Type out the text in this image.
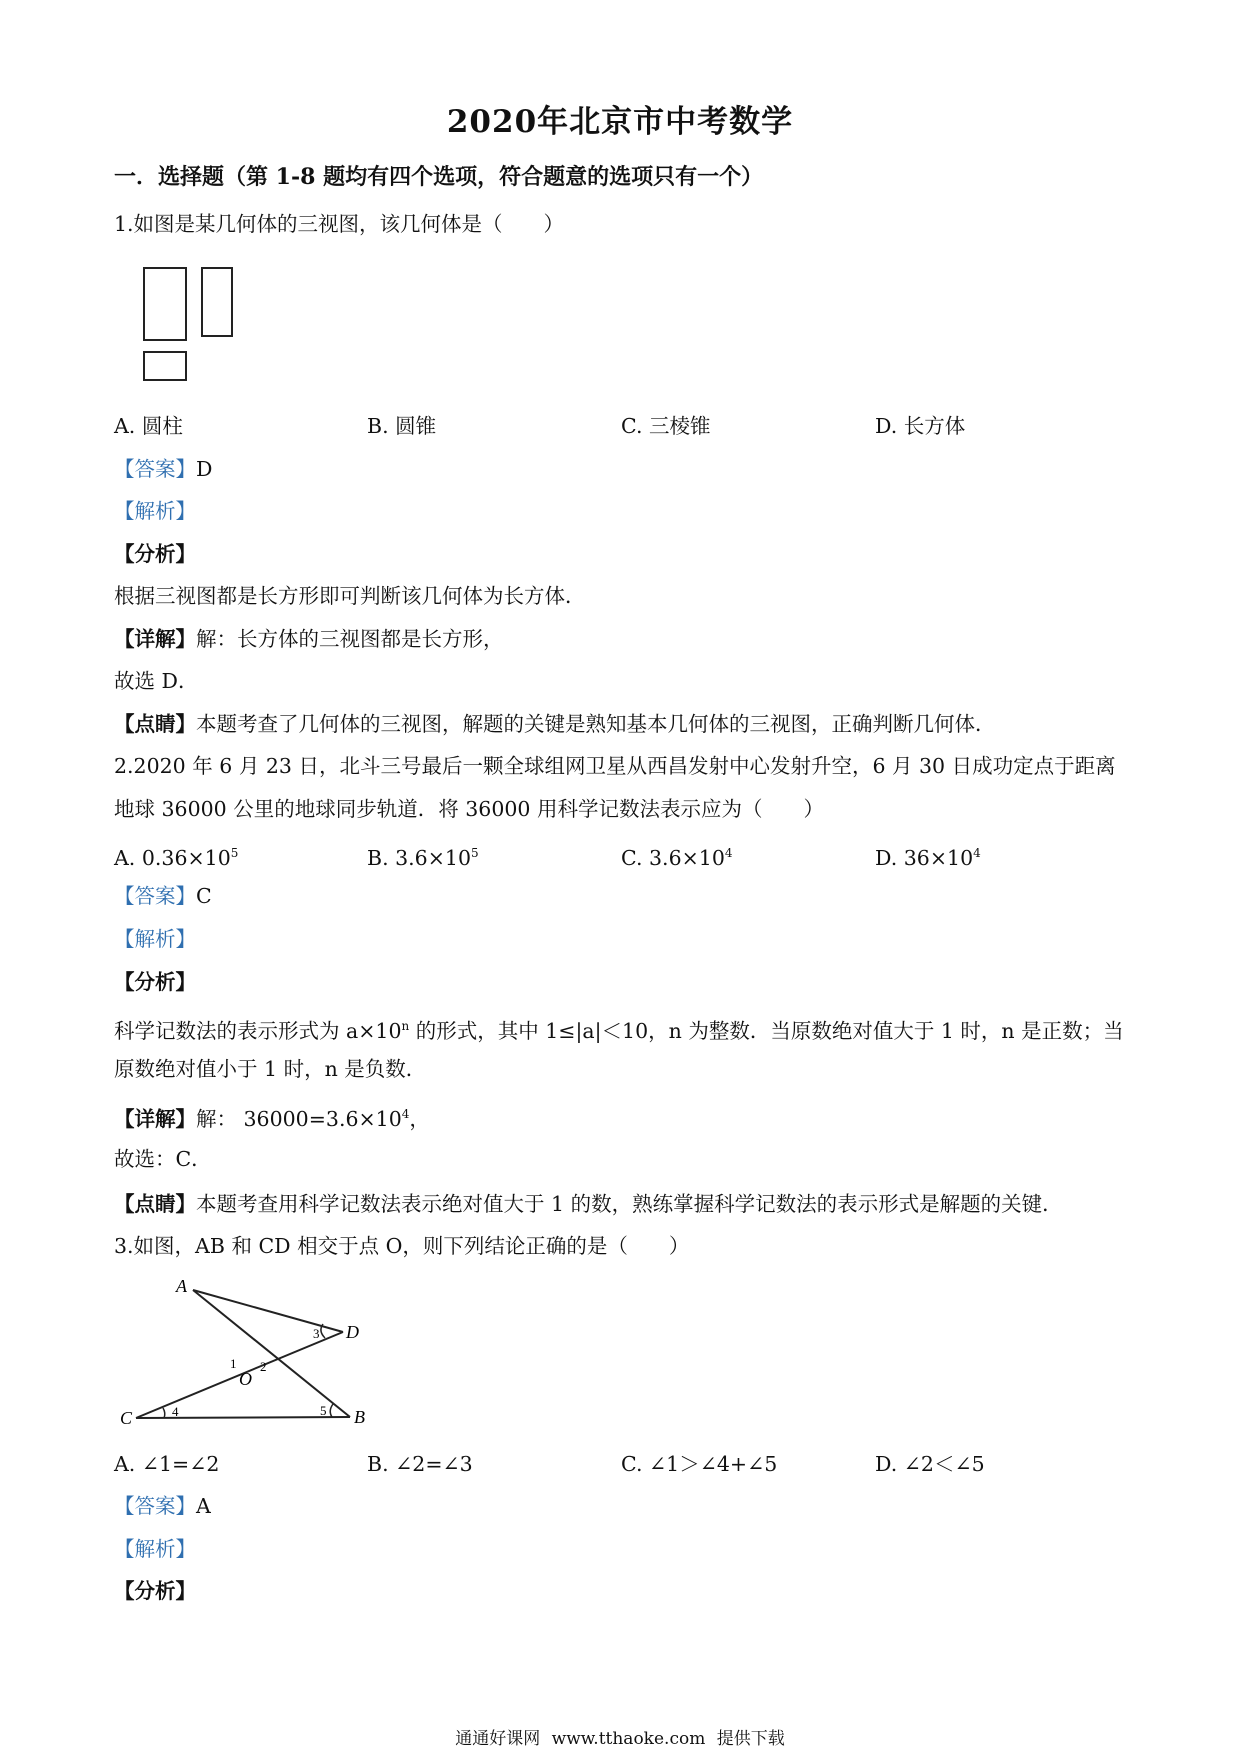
2020年北京市中考数学
一．选择题（第 1-8 题均有四个选项，符合题意的选项只有一个）
1.如图是某几何体的三视图，该几何体是（　　）
A. 圆柱	B. 圆锥	C. 三棱锥	D. 长方体
【答案】D
【解析】
【分析】
根据三视图都是长方形即可判断该几何体为长方体．
【详解】解：长方体的三视图都是长方形，
故选 D．
【点睛】本题考查了几何体的三视图，解题的关键是熟知基本几何体的三视图，正确判断几何体．
2.2020 年 6 月 23 日，北斗三号最后一颗全球组网卫星从西昌发射中心发射升空，6 月 30 日成功定点于距离
地球 36000 公里的地球同步轨道．将 36000 用科学记数法表示应为（　　）
A. $0.36\times 10^5$	B. $3.6\times 10^5$	C. $3.6\times 10^4$	D. $36\times 10^4$
【答案】C
【解析】
【分析】
科学记数法的表示形式为 $a\times 10^n$ 的形式，其中 1≤|a|＜10，n 为整数．当原数绝对值大于 1 时，n 是正数；当
原数绝对值小于 1 时，n 是负数．
【详解】解： $36000=3.6\times 10^4$，
故选：C．
【点睛】本题考查用科学记数法表示绝对值大于 1 的数，熟练掌握科学记数法的表示形式是解题的关键．
3.如图，AB 和 CD 相交于点 O，则下列结论正确的是（　　）
A
D
C	B
O
1 2
3
4	5
A. ∠1=∠2	B. ∠2=∠3	C. ∠1＞∠4+∠5	D. ∠2＜∠5
【答案】A
【解析】
【分析】
通通好课网 www.tthaoke.com 提供下载
